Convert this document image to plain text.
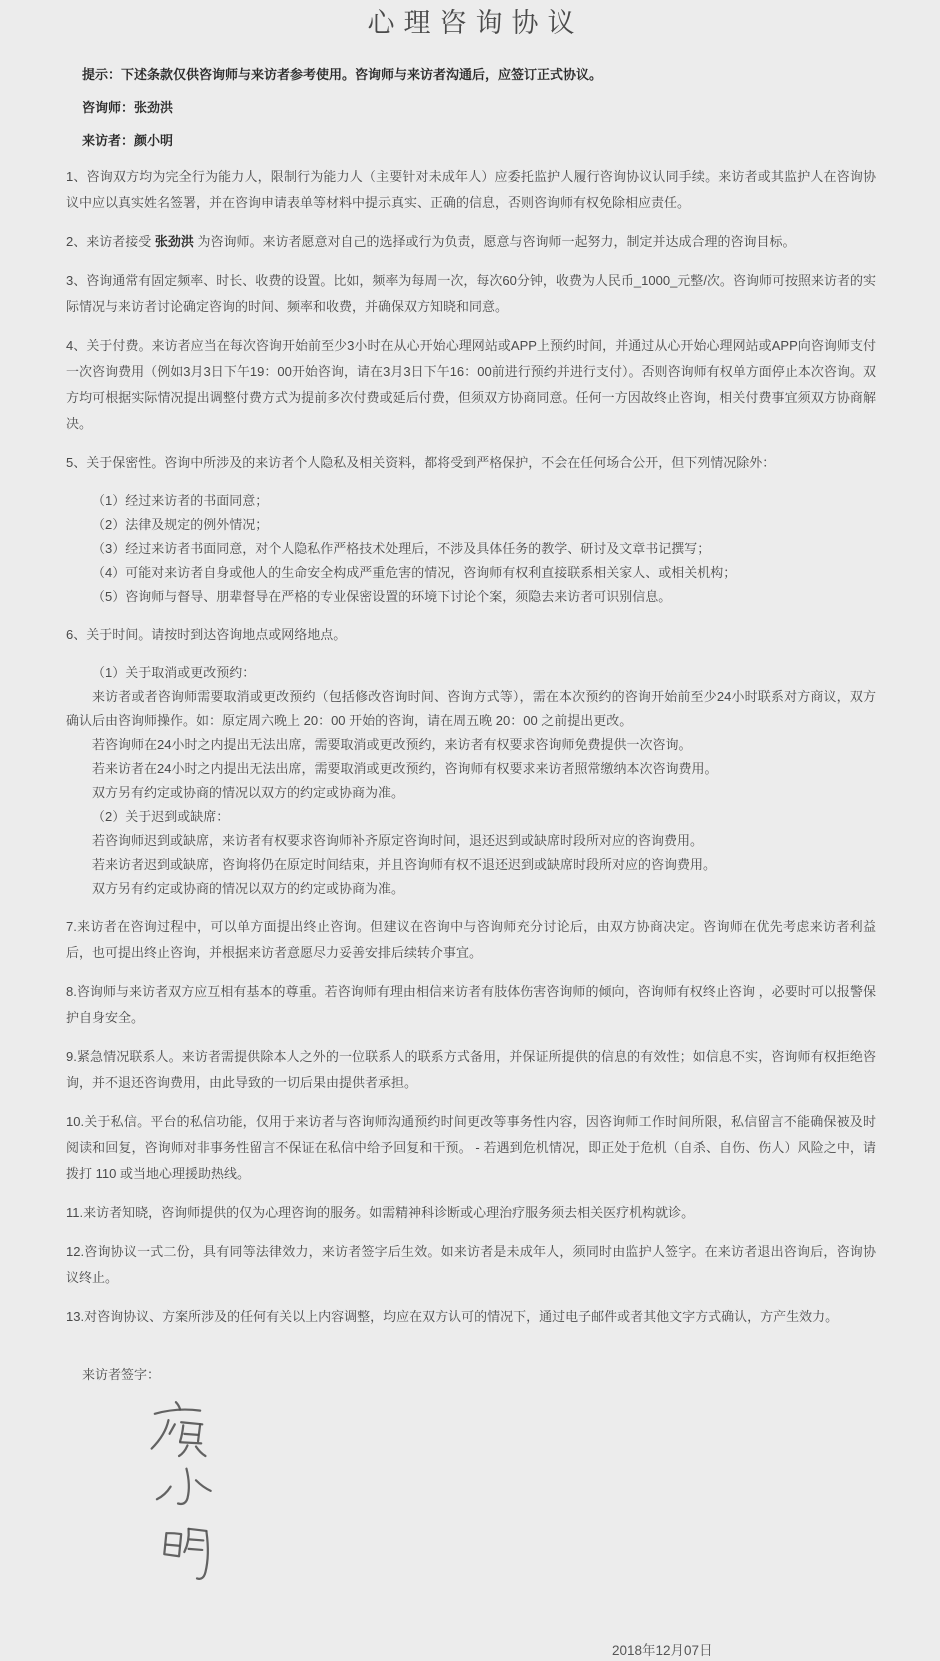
心理咨询协议

提示：下述条款仅供咨询师与来访者参考使用。咨询师与来访者沟通后，应签订正式协议。

咨询师：张劲洪

来访者：颜小明

1、咨询双方均为完全行为能力人，限制行为能力人（主要针对未成年人）应委托监护人履行咨询协议认同手续。来访者或其监护人在咨询协议中应以真实姓名签署，并在咨询申请表单等材料中提示真实、正确的信息，否则咨询师有权免除相应责任。

2、来访者接受 张劲洪 为咨询师。来访者愿意对自己的选择或行为负责，愿意与咨询师一起努力，制定并达成合理的咨询目标。

3、咨询通常有固定频率、时长、收费的设置。比如，频率为每周一次，每次60分钟，收费为人民币_1000_元整/次。咨询师可按照来访者的实际情况与来访者讨论确定咨询的时间、频率和收费，并确保双方知晓和同意。

4、关于付费。来访者应当在每次咨询开始前至少3小时在从心开始心理网站或APP上预约时间，并通过从心开始心理网站或APP向咨询师支付一次咨询费用（例如3月3日下午19：00开始咨询，请在3月3日下午16：00前进行预约并进行支付）。否则咨询师有权单方面停止本次咨询。双方均可根据实际情况提出调整付费方式为提前多次付费或延后付费，但须双方协商同意。任何一方因故终止咨询，相关付费事宜须双方协商解决。

5、关于保密性。咨询中所涉及的来访者个人隐私及相关资料，都将受到严格保护，不会在任何场合公开，但下列情况除外：

（1）经过来访者的书面同意；

（2）法律及规定的例外情况；

（3）经过来访者书面同意，对个人隐私作严格技术处理后，不涉及具体任务的教学、研讨及文章书记撰写；

（4）可能对来访者自身或他人的生命安全构成严重危害的情况，咨询师有权利直接联系相关家人、或相关机构；

（5）咨询师与督导、朋辈督导在严格的专业保密设置的环境下讨论个案，须隐去来访者可识别信息。

6、关于时间。请按时到达咨询地点或网络地点。

（1）关于取消或更改预约：

来访者或者咨询师需要取消或更改预约（包括修改咨询时间、咨询方式等），需在本次预约的咨询开始前至少24小时联系对方商议，双方确认后由咨询师操作。如：原定周六晚上 20：00 开始的咨询，请在周五晚 20：00 之前提出更改。

若咨询师在24小时之内提出无法出席，需要取消或更改预约，来访者有权要求咨询师免费提供一次咨询。

若来访者在24小时之内提出无法出席，需要取消或更改预约，咨询师有权要求来访者照常缴纳本次咨询费用。

双方另有约定或协商的情况以双方的约定或协商为准。

（2）关于迟到或缺席：

若咨询师迟到或缺席，来访者有权要求咨询师补齐原定咨询时间，退还迟到或缺席时段所对应的咨询费用。

若来访者迟到或缺席，咨询将仍在原定时间结束，并且咨询师有权不退还迟到或缺席时段所对应的咨询费用。

双方另有约定或协商的情况以双方的约定或协商为准。

7.来访者在咨询过程中，可以单方面提出终止咨询。但建议在咨询中与咨询师充分讨论后，由双方协商决定。咨询师在优先考虑来访者利益后，也可提出终止咨询，并根据来访者意愿尽力妥善安排后续转介事宜。

8.咨询师与来访者双方应互相有基本的尊重。若咨询师有理由相信来访者有肢体伤害咨询师的倾向，咨询师有权终止咨询 ，必要时可以报警保护自身安全。

9.紧急情况联系人。来访者需提供除本人之外的一位联系人的联系方式备用，并保证所提供的信息的有效性；如信息不实，咨询师有权拒绝咨询，并不退还咨询费用，由此导致的一切后果由提供者承担。

10.关于私信。平台的私信功能，仅用于来访者与咨询师沟通预约时间更改等事务性内容，因咨询师工作时间所限，私信留言不能确保被及时阅读和回复，咨询师对非事务性留言不保证在私信中给予回复和干预。 - 若遇到危机情况，即正处于危机（自杀、自伤、伤人）风险之中，请拨打 110 或当地心理援助热线。

11.来访者知晓，咨询师提供的仅为心理咨询的服务。如需精神科诊断或心理治疗服务须去相关医疗机构就诊。

12.咨询协议一式二份，具有同等法律效力，来访者签字后生效。如来访者是未成年人，须同时由监护人签字。在来访者退出咨询后，咨询协议终止。

13.对咨询协议、方案所涉及的任何有关以上内容调整，均应在双方认可的情况下，通过电子邮件或者其他文字方式确认，方产生效力。

来访者签字：

2018年12月07日
